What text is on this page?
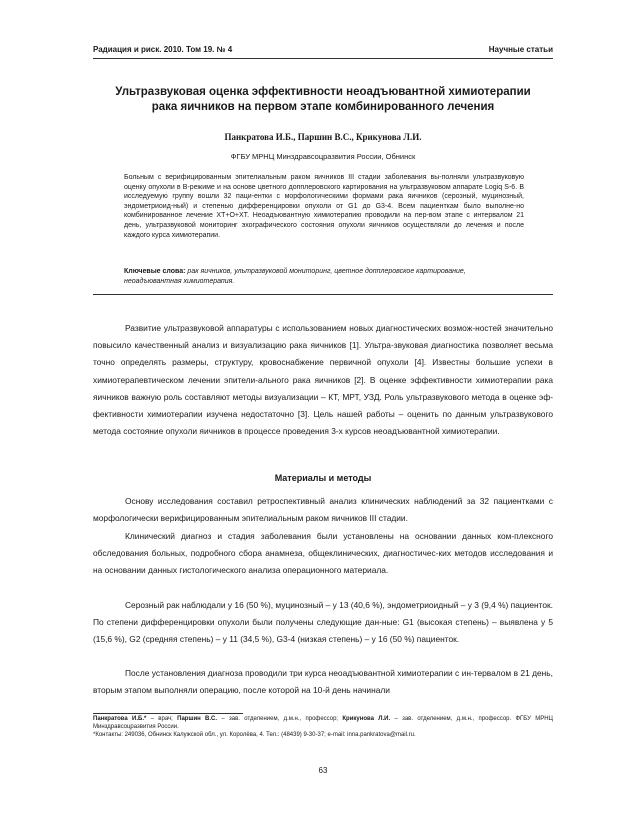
Радиация и риск. 2010. Том 19. № 4	Научные статьи
Ультразвуковая оценка эффективности неоадъювантной химиотерапии
рака яичников на первом этапе комбинированного лечения
Панкратова И.Б., Паршин В.С., Крикунова Л.И.
ФГБУ МРНЦ Минздравсоцразвития России, Обнинск

Больным с верифицированным эпителиальным раком яичников III стадии заболевания вы-полняли ультразвуковую оценку опухоли в В-режиме и на основе цветного допплеровского картирования на ультразвуковом аппарате Logiq S-6. В исследуемую группу вошли 32 паци-ентки с морфологическими формами рака яичников (серозный, муцинозный, эндометриоид-ный) и степенью дифференцировки опухоли от G1 до G3-4. Всем пациенткам было выполне-но комбинированное лечение ХТ+О+ХТ. Неоадъювантную химиотерапию проводили на пер-вом этапе с интервалом 21 день, ультразвуковой мониторинг эхографического состояния опухоли яичников осуществляли до лечения и после каждого курса химиотерапии.

Ключевые слова: рак яичников, ультразвуковой мониторинг, цветное допплеровское картирование, неоадъювантная химиотерапия.

Развитие ультразвуковой аппаратуры с использованием новых диагностических возмож-ностей значительно повысило качественный анализ и визуализацию рака яичников [1]. Ультра-звуковая диагностика позволяет весьма точно определять размеры, структуру, кровоснабжение первичной опухоли [4]. Известны большие успехи в химиотерапевтическом лечении эпители-ального рака яичников [2]. В оценке эффективности химиотерапии рака яичников важную роль составляют методы визуализации – КТ, МРТ, УЗД. Роль ультразвукового метода в оценке эф-фективности химиотерапии изучена недостаточно [3]. Цель нашей работы – оценить по данным ультразвукового метода состояние опухоли яичников в процессе проведения 3-х курсов неоадъювантной химиотерапии.

Материалы и методы

Основу исследования составил ретроспективный анализ клинических наблюдений за 32 пациентками с морфологически верифицированным эпителиальным раком яичников III стадии.

Клинический диагноз и стадия заболевания были установлены на основании данных ком-плексного обследования больных, подробного сбора анамнеза, общеклинических, диагностичес-ких методов исследования и на основании данных гистологического анализа операционного материала.

Серозный рак наблюдали у 16 (50 %), муцинозный – у 13 (40,6 %), эндометриоидный – у 3 (9,4 %) пациенток. По степени дифференцировки опухоли были получены следующие дан-ные: G1 (высокая степень) – выявлена у 5 (15,6 %), G2 (средняя степень) – у 11 (34,5 %), G3-4 (низкая степень) – у 16 (50 %) пациенток.

После установления диагноза проводили три курса неоадъювантной химиотерапии с ин-тервалом в 21 день, вторым этапом выполняли операцию, после которой на 10-й день начинали

Панкратова И.Б.* – врач; Паршин В.С. – зав. отделением, д.м.н., профессор; Крикунова Л.И. – зав. отделением, д.м.н., профессор. ФГБУ МРНЦ Минздравсоцразвития России.

*Контакты: 249036, Обнинск Калужской обл., ул. Королёва, 4. Тел.: (48439) 9-30-37; e-mail: inna.pankratova@mail.ru.

63
